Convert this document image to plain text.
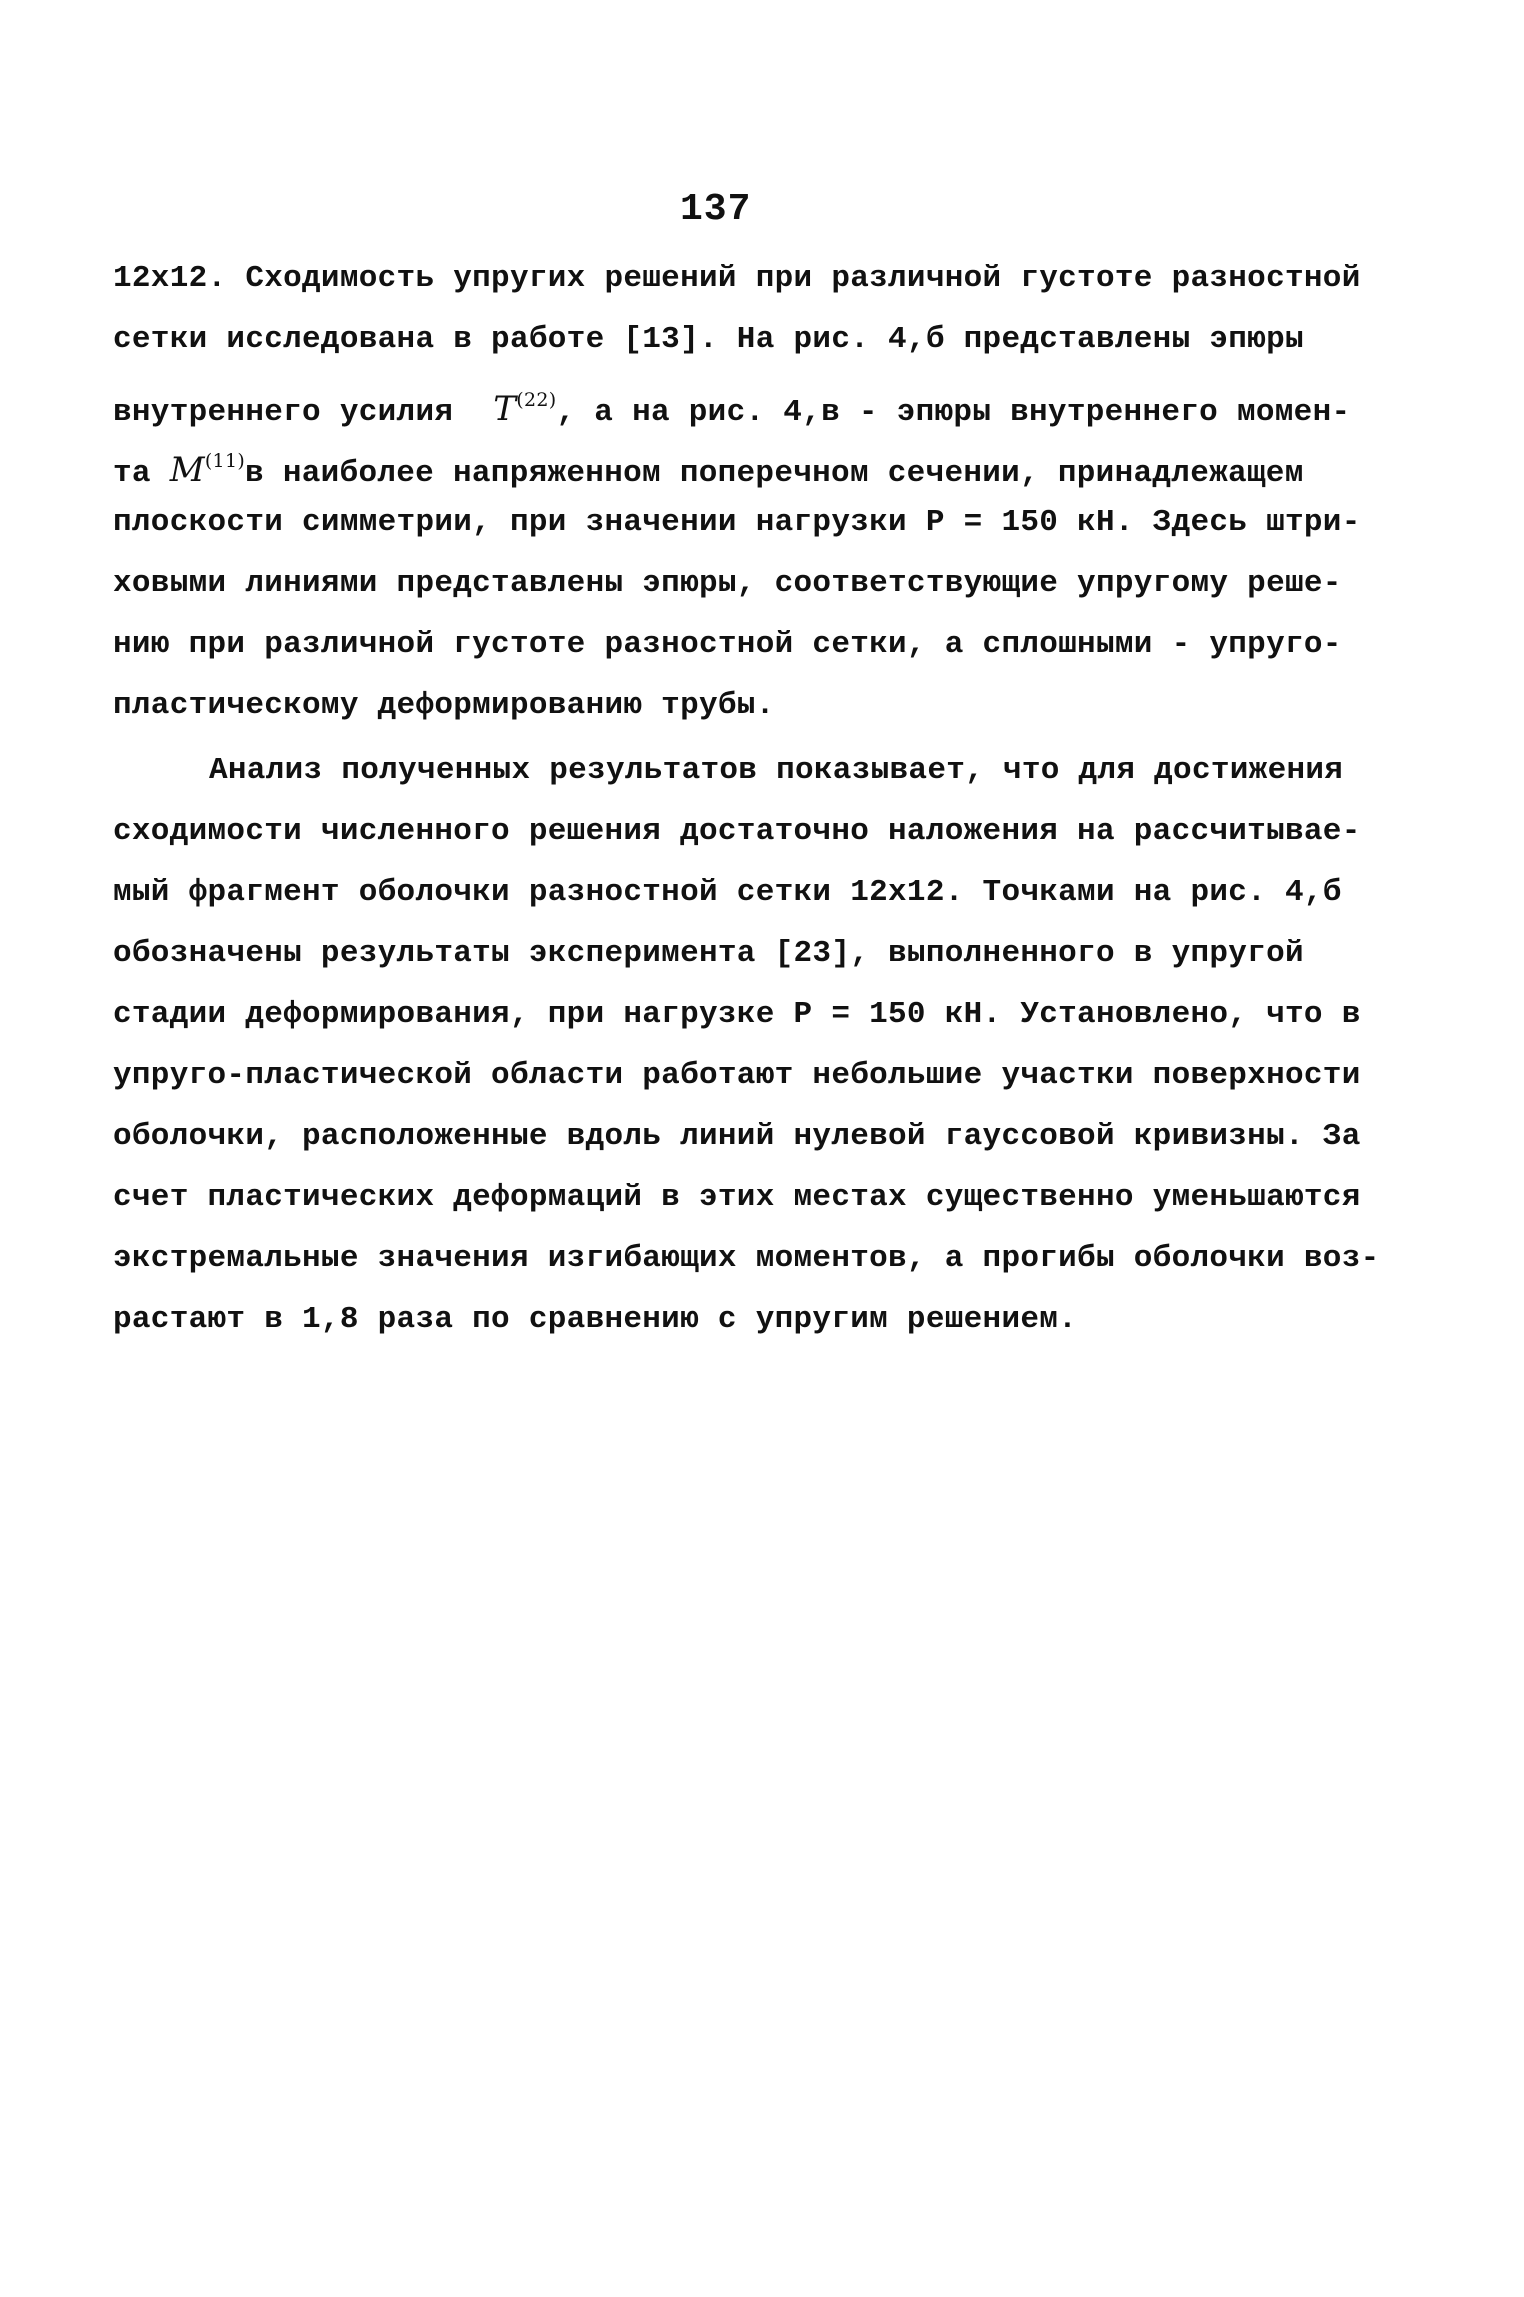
137
12x12. Сходимость упругих решений при различной густоте разностной
сетки исследована в работе [13]. На рис. 4,б представлены эпюры
внутреннего усилия $T^{(22)}$, а на рис. 4,в - эпюры внутреннего момен-
та $M^{(11)}в$ наиболее напряженном поперечном сечении, принадлежащем
плоскости симметрии, при значении нагрузки P = 150 кН. Здесь штри-
ховыми линиями представлены эпюры, соответствующие упругому реше-
нию при различной густоте разностной сетки, а сплошными - упруго-
пластическому деформированию трубы.
Анализ полученных результатов показывает, что для достижения
сходимости численного решения достаточно наложения на рассчитывае-
мый фрагмент оболочки разностной сетки 12x12. Точками на рис. 4,б
обозначены результаты эксперимента [23], выполненного в упругой
стадии деформирования, при нагрузке P = 150 кН. Установлено, что в
упруго-пластической области работают небольшие участки поверхности
оболочки, расположенные вдоль линий нулевой гауссовой кривизны. За
счет пластических деформаций в этих местах существенно уменьшаются
экстремальные значения изгибающих моментов, а прогибы оболочки воз-
растают в 1,8 раза по сравнению с упругим решением.
